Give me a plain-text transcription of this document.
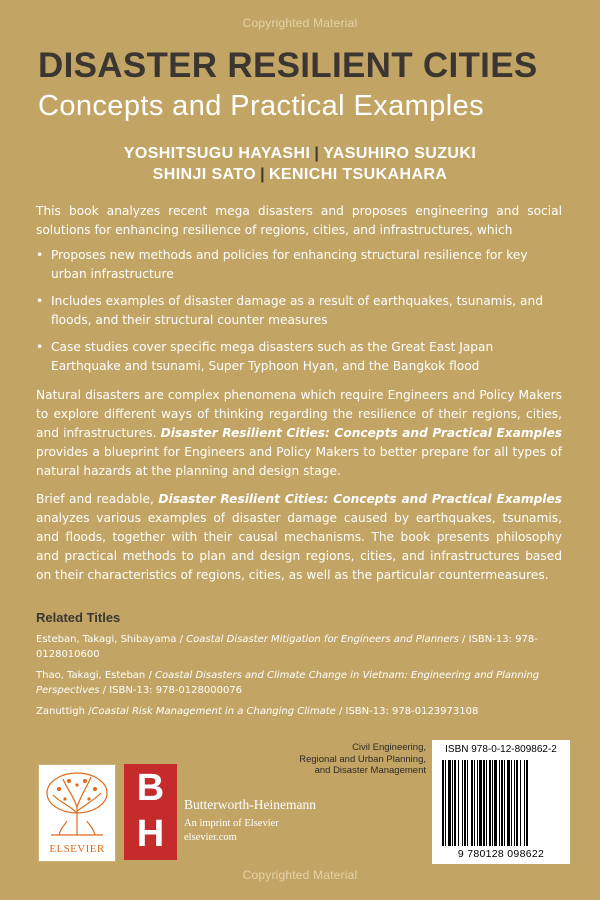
Copyrighted Material
DISASTER RESILIENT CITIES
Concepts and Practical Examples
YOSHITSUGU HAYASHI | YASUHIRO SUZUKI
SHINJI SATO | KENICHI TSUKAHARA
This book analyzes recent mega disasters and proposes engineering and social solutions for enhancing resilience of regions, cities, and infrastructures, which
• Proposes new methods and policies for enhancing structural resilience for key urban infrastructure
• Includes examples of disaster damage as a result of earthquakes, tsunamis, and floods, and their structural counter measures
• Case studies cover specific mega disasters such as the Great East Japan Earthquake and tsunami, Super Typhoon Hyan, and the Bangkok flood
Natural disasters are complex phenomena which require Engineers and Policy Makers to explore different ways of thinking regarding the resilience of their regions, cities, and infrastructures. Disaster Resilient Cities: Concepts and Practical Examples provides a blueprint for Engineers and Policy Makers to better prepare for all types of natural hazards at the planning and design stage.
Brief and readable, Disaster Resilient Cities: Concepts and Practical Examples analyzes various examples of disaster damage caused by earthquakes, tsunamis, and floods, together with their causal mechanisms. The book presents philosophy and practical methods to plan and design regions, cities, and infrastructures based on their characteristics of regions, cities, as well as the particular countermeasures.
Related Titles
Esteban, Takagi, Shibayama / Coastal Disaster Mitigation for Engineers and Planners / ISBN-13: 978-0128010600
Thao, Takagi, Esteban / Coastal Disasters and Climate Change in Vietnam: Engineering and Planning Perspectives / ISBN-13: 978-0128000076
Zanuttigh /Coastal Risk Management in a Changing Climate / ISBN-13: 978-0123973108
Civil Engineering,
Regional and Urban Planning,
and Disaster Management
ISBN 978-0-12-809862-2
9 780128 098622
ELSEVIER
B
H
Butterworth-Heinemann
An imprint of Elsevier
elsevier.com
Copyrighted Material
